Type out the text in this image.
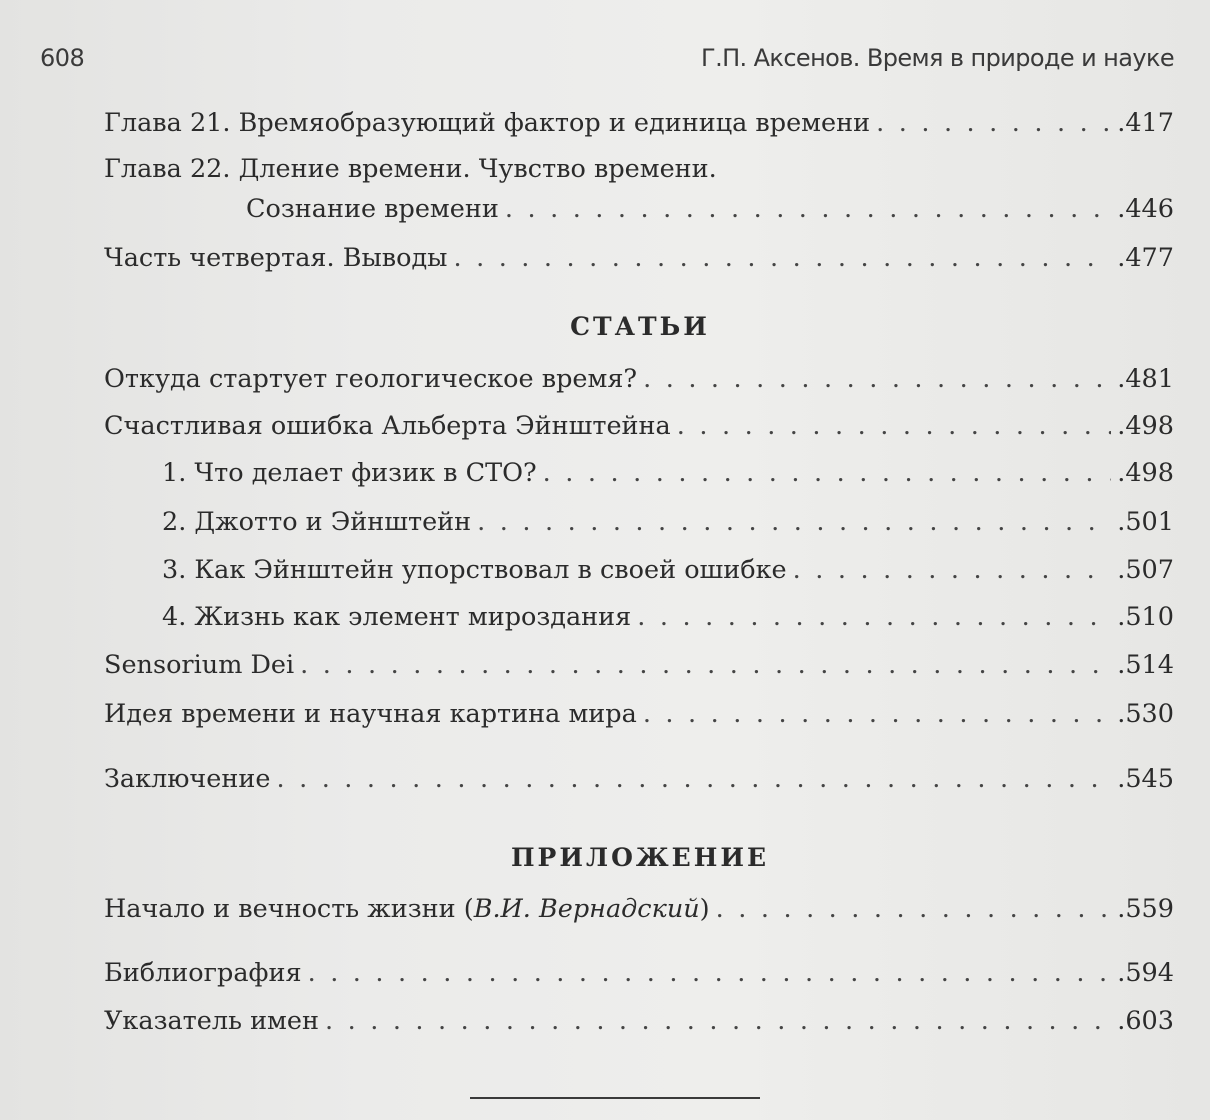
608	Г.П. Аксенов. Время в природе и науке
Глава 21. Времяобразующий фактор и единица времени . . .	.417
Глава 22. Дление времени. Чувство времени.
Сознание времени . . .	.446
Часть четвертая. Выводы . . .	.477
СТАТЬИ
Откуда стартует геологическое время? . . .	.481
Счастливая ошибка Альберта Эйнштейна . . .	.498
1. Что делает физик в СТО? . . .	.498
2. Джотто и Эйнштейн . . .	.501
3. Как Эйнштейн упорствовал в своей ошибке . . .	.507
4. Жизнь как элемент мироздания . . .	.510
Sensorium Dei . . .	.514
Идея времени и научная картина мира . . .	.530
Заключение . . .	.545
ПРИЛОЖЕНИЕ
Начало и вечность жизни (В.И. Вернадский) . . .	.559
Библиография . . .	.594
Указатель имен . . .	.603
